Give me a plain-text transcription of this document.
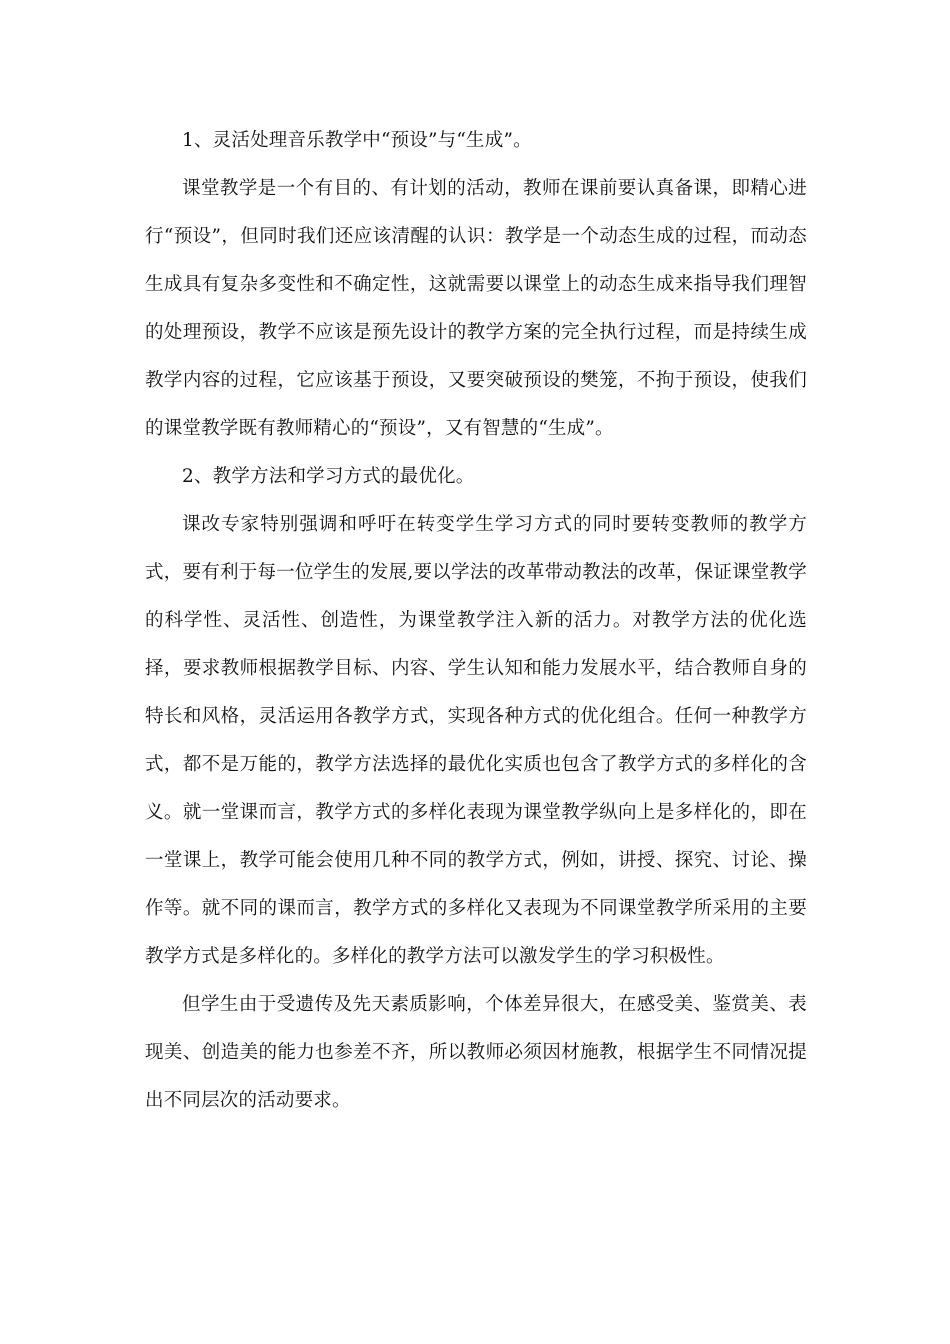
1、灵活处理音乐教学中“预设”与“生成”。

课堂教学是一个有目的、有计划的活动，教师在课前要认真备课，即精心进行“预设”，但同时我们还应该清醒的认识：教学是一个动态生成的过程，而动态生成具有复杂多变性和不确定性，这就需要以课堂上的动态生成来指导我们理智的处理预设，教学不应该是预先设计的教学方案的完全执行过程，而是持续生成教学内容的过程，它应该基于预设，又要突破预设的樊笼，不拘于预设，使我们的课堂教学既有教师精心的“预设”，又有智慧的“生成”。

2、教学方法和学习方式的最优化。

课改专家特别强调和呼吁在转变学生学习方式的同时要转变教师的教学方式，要有利于每一位学生的发展,要以学法的改革带动教法的改革，保证课堂教学的科学性、灵活性、创造性，为课堂教学注入新的活力。对教学方法的优化选择，要求教师根据教学目标、内容、学生认知和能力发展水平，结合教师自身的特长和风格，灵活运用各教学方式，实现各种方式的优化组合。任何一种教学方式，都不是万能的，教学方法选择的最优化实质也包含了教学方式的多样化的含义。就一堂课而言，教学方式的多样化表现为课堂教学纵向上是多样化的，即在一堂课上，教学可能会使用几种不同的教学方式，例如，讲授、探究、讨论、操作等。就不同的课而言，教学方式的多样化又表现为不同课堂教学所采用的主要教学方式是多样化的。多样化的教学方法可以激发学生的学习积极性。

但学生由于受遗传及先天素质影响，个体差异很大，在感受美、鉴赏美、表现美、创造美的能力也参差不齐，所以教师必须因材施教，根据学生不同情况提出不同层次的活动要求。
